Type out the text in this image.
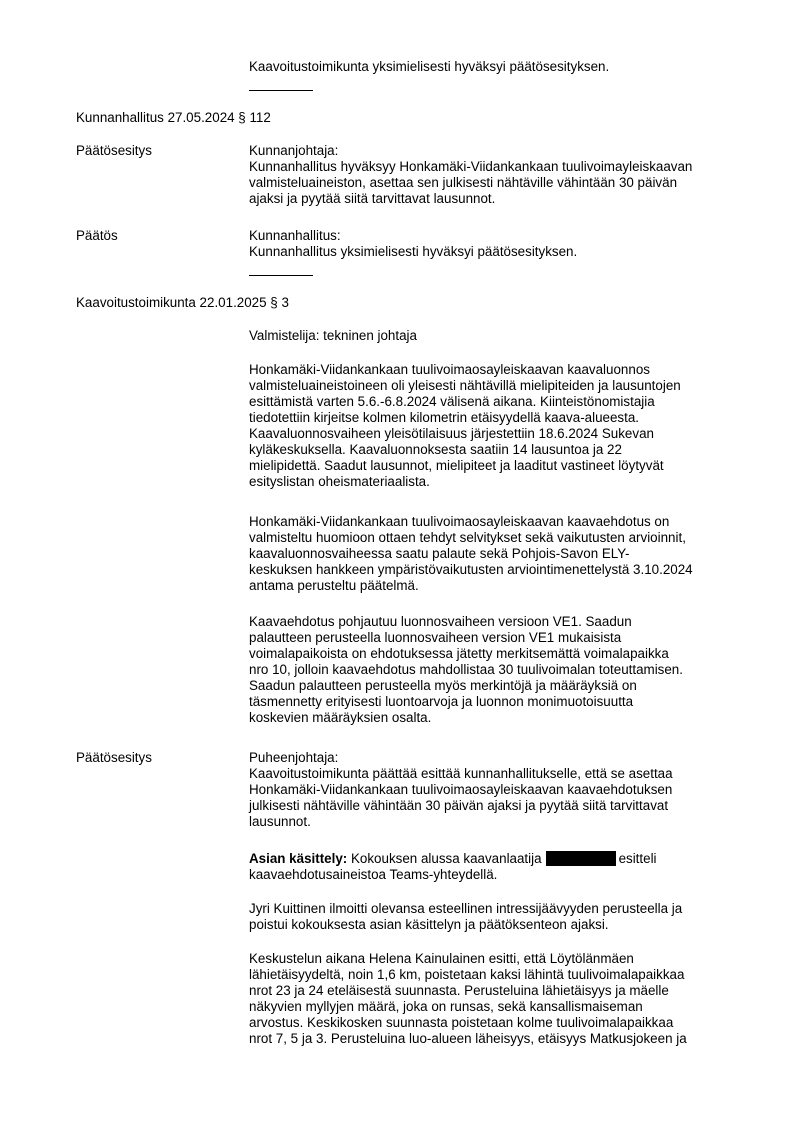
Kaavoitustoimikunta yksimielisesti hyväksyi päätösesityksen.
Kunnanhallitus 27.05.2024 § 112
Päätösesitys	Kunnanjohtaja:
Kunnanhallitus hyväksyy Honkamäki-Viidankankaan tuulivoimayleiskaavan
valmisteluaineiston, asettaa sen julkisesti nähtäville vähintään 30 päivän
ajaksi ja pyytää siitä tarvittavat lausunnot.
Päätös	Kunnanhallitus:
Kunnanhallitus yksimielisesti hyväksyi päätösesityksen.
Kaavoitustoimikunta 22.01.2025 § 3
Valmistelija: tekninen johtaja
Honkamäki-Viidankankaan tuulivoimaosayleiskaavan kaavaluonnos
valmisteluaineistoineen oli yleisesti nähtävillä mielipiteiden ja lausuntojen
esittämistä varten 5.6.-6.8.2024 välisenä aikana. Kiinteistönomistajia
tiedotettiin kirjeitse kolmen kilometrin etäisyydellä kaava-alueesta.
Kaavaluonnosvaiheen yleisötilaisuus järjestettiin 18.6.2024 Sukevan
kyläkeskuksella. Kaavaluonnoksesta saatiin 14 lausuntoa ja 22
mielipidettä. Saadut lausunnot, mielipiteet ja laaditut vastineet löytyvät
esityslistan oheismateriaalista.
Honkamäki-Viidankankaan tuulivoimaosayleiskaavan kaavaehdotus on
valmisteltu huomioon ottaen tehdyt selvitykset sekä vaikutusten arvioinnit,
kaavaluonnosvaiheessa saatu palaute sekä Pohjois-Savon ELY-
keskuksen hankkeen ympäristövaikutusten arviointimenettelystä 3.10.2024
antama perusteltu päätelmä.
Kaavaehdotus pohjautuu luonnosvaiheen versioon VE1. Saadun
palautteen perusteella luonnosvaiheen version VE1 mukaisista
voimalapaikoista on ehdotuksessa jätetty merkitsemättä voimalapaikka
nro 10, jolloin kaavaehdotus mahdollistaa 30 tuulivoimalan toteuttamisen.
Saadun palautteen perusteella myös merkintöjä ja määräyksiä on
täsmennetty erityisesti luontoarvoja ja luonnon monimuotoisuutta
koskevien määräyksien osalta.
Päätösesitys	Puheenjohtaja:
Kaavoitustoimikunta päättää esittää kunnanhallitukselle, että se asettaa
Honkamäki-Viidankankaan tuulivoimaosayleiskaavan kaavaehdotuksen
julkisesti nähtäville vähintään 30 päivän ajaksi ja pyytää siitä tarvittavat
lausunnot.
Asian käsittely: Kokouksen alussa kaavanlaatija	esitteli
kaavaehdotusaineistoa Teams-yhteydellä.
Jyri Kuittinen ilmoitti olevansa esteellinen intressijäävyyden perusteella ja
poistui kokouksesta asian käsittelyn ja päätöksenteon ajaksi.
Keskustelun aikana Helena Kainulainen esitti, että Löytölänmäen
lähietäisyydeltä, noin 1,6 km, poistetaan kaksi lähintä tuulivoimalapaikkaa
nrot 23 ja 24 eteläisestä suunnasta. Perusteluina lähietäisyys ja mäelle
näkyvien myllyjen määrä, joka on runsas, sekä kansallismaiseman
arvostus. Keskikosken suunnasta poistetaan kolme tuulivoimalapaikkaa
nrot 7, 5 ja 3. Perusteluina luo-alueen läheisyys, etäisyys Matkusjokeen ja
